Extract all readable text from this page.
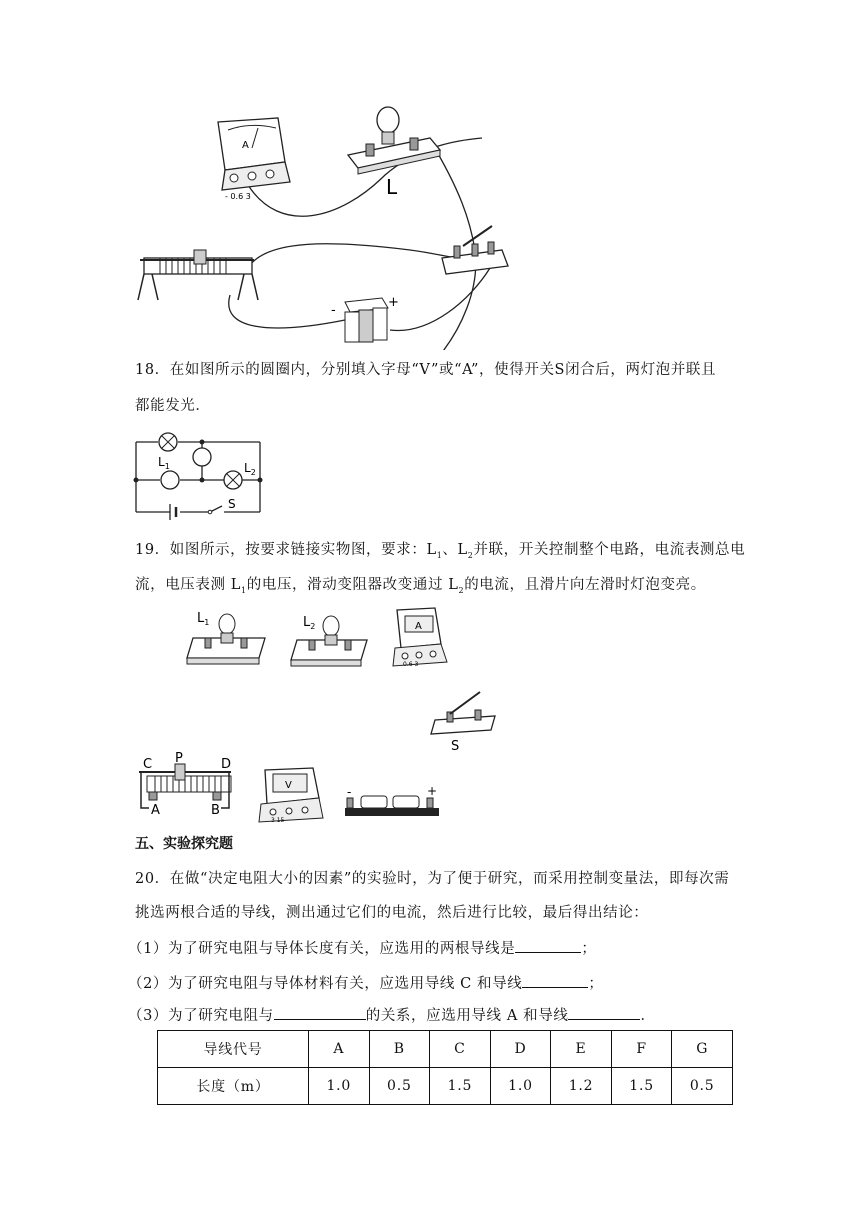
A
- 0.6 3	L
-
+
18．在如图所示的圆圈内，分别填入字母“V”或“A”，使得开关S闭合后，两灯泡并联且
都能发光．
$L_1$	$L_2$
S
19．如图所示，按要求链接实物图，要求：$L_1$、$L_2$并联，开关控制整个电路，电流表测总电
流，电压表测 $L_1$的电压，滑动变阻器改变通过 $L_2$的电流，且滑片向左滑时灯泡变亮。
$L_1$	$L_2$	A
0.6 3
S
C P	D
A	B
V
3 15
-	+
五、实验探究题
20．在做“决定电阻大小的因素”的实验时，为了便于研究，而采用控制变量法，即每次需
挑选两根合适的导线，测出通过它们的电流，然后进行比较，最后得出结论：
（1）为了研究电阻与导体长度有关，应选用的两根导线是	；
（2）为了研究电阻与导体材料有关，应选用导线 C 和导线	；
（3）为了研究电阻与	的关系，应选用导线 A 和导线	．
导线代号	A	B	C	D	E	F	G
长度（m）	1.0	0.5	1.5	1.0	1.2	1.5	0.5
